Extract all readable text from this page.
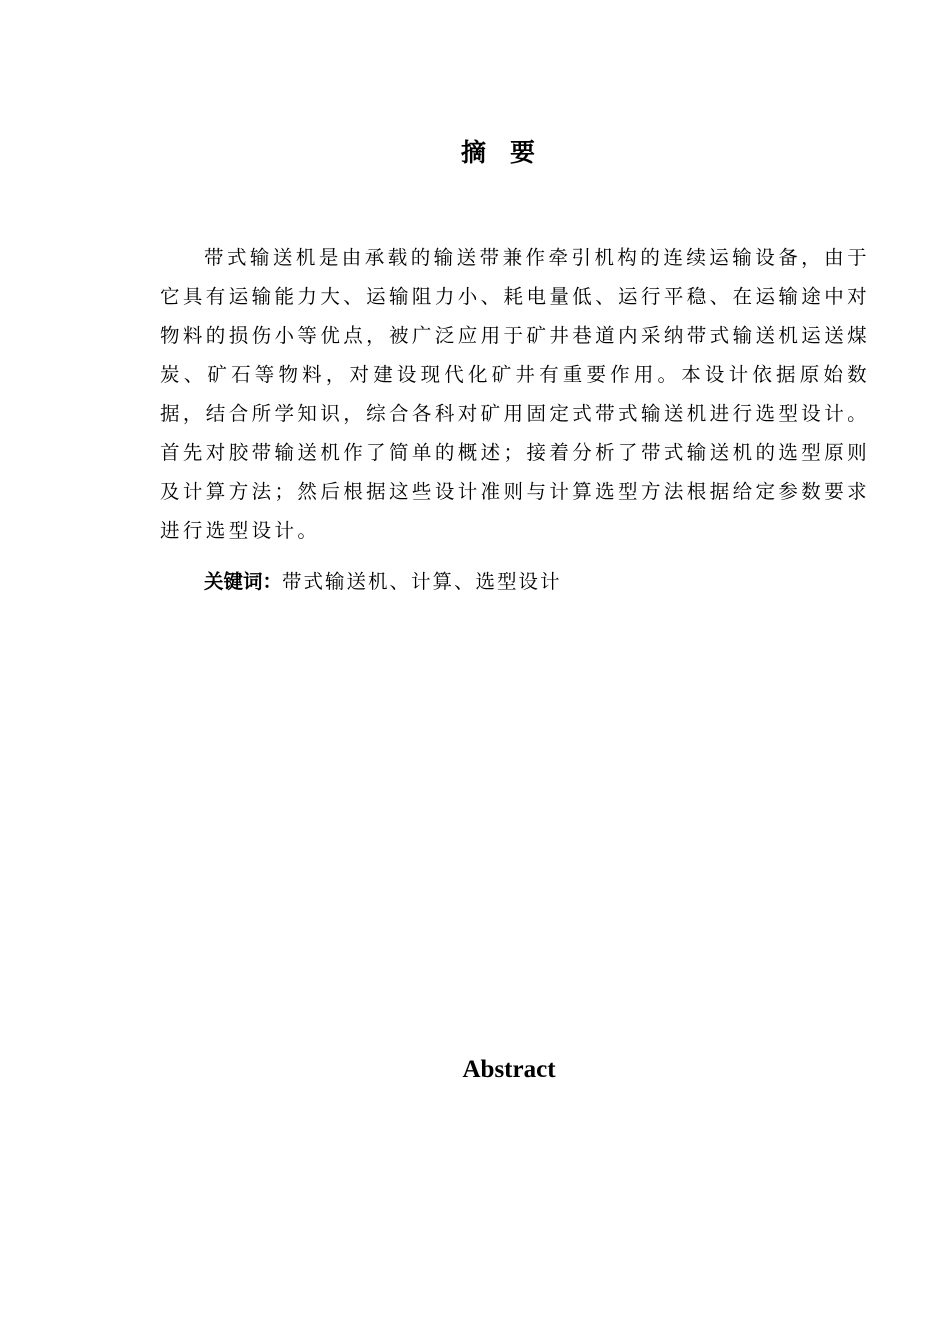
摘要

带式输送机是由承载的输送带兼作牵引机构的连续运输设备，由于它具有运输能力大、运输阻力小、耗电量低、运行平稳、在运输途中对物料的损伤小等优点，被广泛应用于矿井巷道内采纳带式输送机运送煤炭、矿石等物料，对建设现代化矿井有重要作用。本设计依据原始数据，结合所学知识，综合各科对矿用固定式带式输送机进行选型设计。首先对胶带输送机作了简单的概述；接着分析了带式输送机的选型原则及计算方法；然后根据这些设计准则与计算选型方法根据给定参数要求进行选型设计。

关键词：带式输送机、计算、选型设计
Abstract
